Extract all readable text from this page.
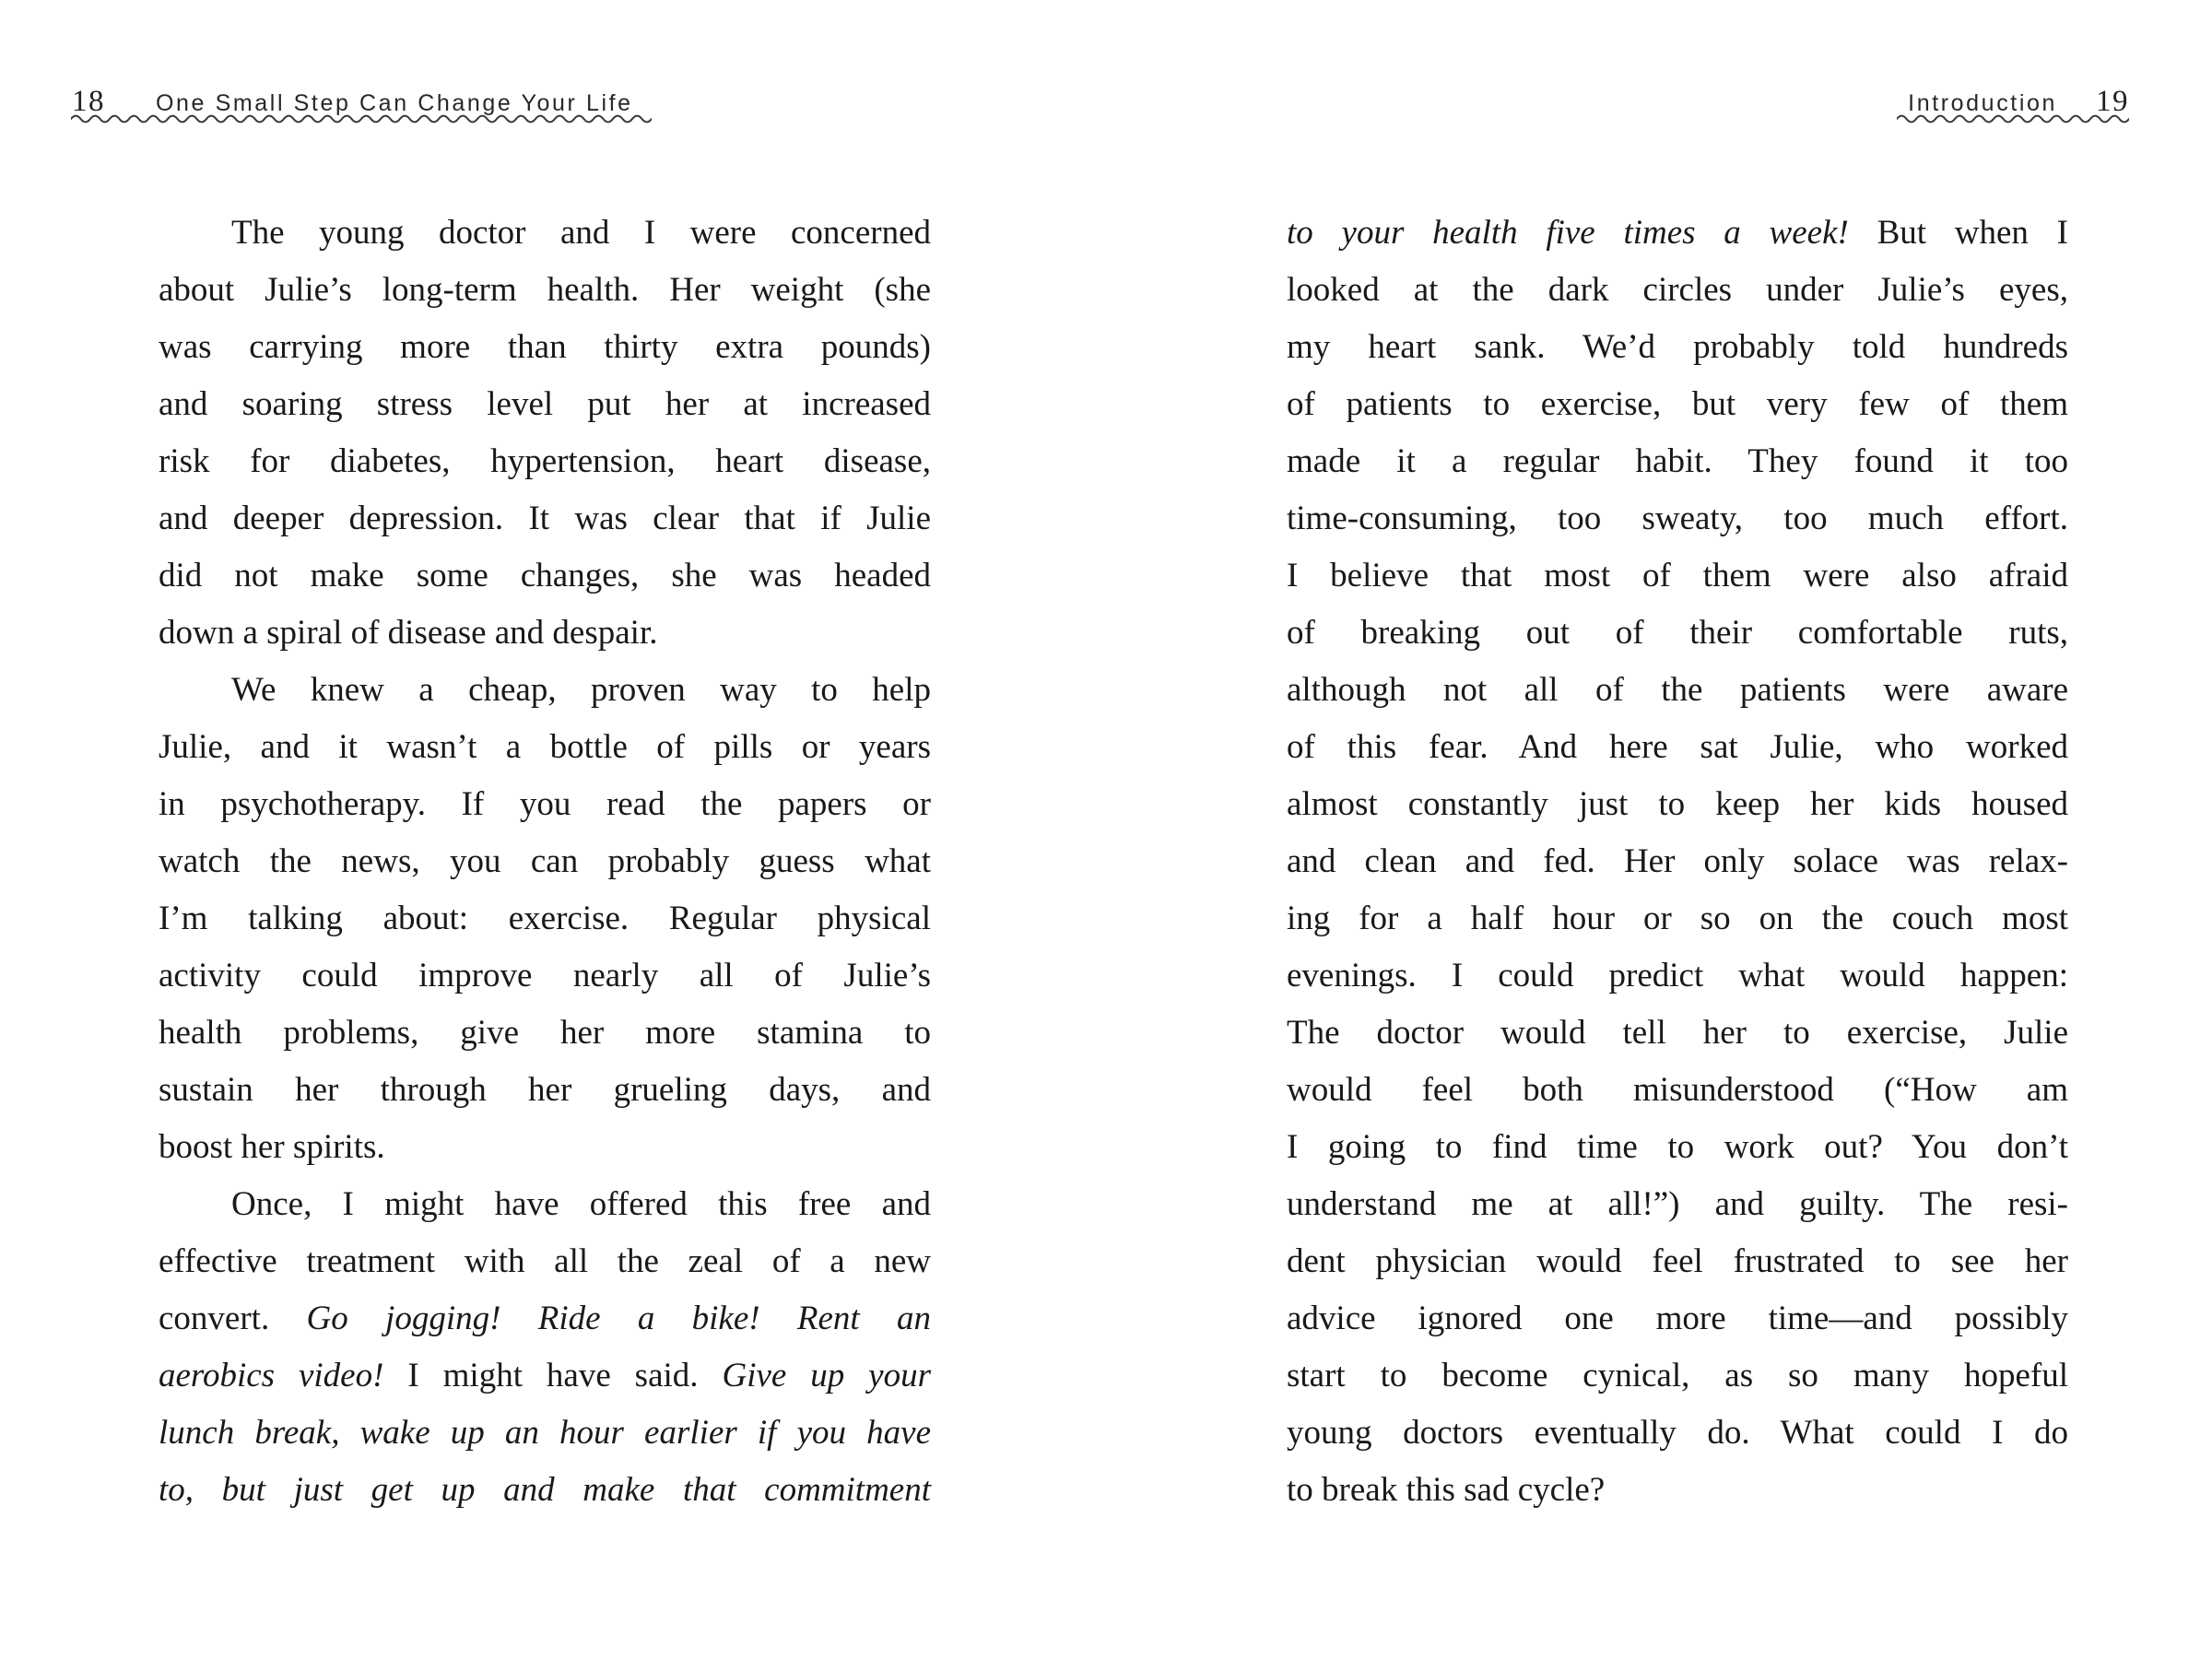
18 One Small Step Can Change Your Life	Introduction 19
The young doctor and I were concerned
about Julie’s long-term health. Her weight (she
was carrying more than thirty extra pounds)
and soaring stress level put her at increased
risk for diabetes, hypertension, heart disease,
and deeper depression. It was clear that if Julie
did not make some changes, she was headed
down a spiral of disease and despair.
We knew a cheap, proven way to help
Julie, and it wasn’t a bottle of pills or years
in psychotherapy. If you read the papers or
watch the news, you can probably guess what
I’m talking about: exercise. Regular physical
activity could improve nearly all of Julie’s
health problems, give her more stamina to
sustain her through her grueling days, and
boost her spirits.
Once, I might have offered this free and
effective treatment with all the zeal of a new
convert. Go jogging! Ride a bike! Rent an
aerobics video! I might have said. Give up your
lunch break, wake up an hour earlier if you have
to, but just get up and make that commitment
to your health five times a week! But when I
looked at the dark circles under Julie’s eyes,
my heart sank. We’d probably told hundreds
of patients to exercise, but very few of them
made it a regular habit. They found it too
time-consuming, too sweaty, too much effort.
I believe that most of them were also afraid
of breaking out of their comfortable ruts,
although not all of the patients were aware
of this fear. And here sat Julie, who worked
almost constantly just to keep her kids housed
and clean and fed. Her only solace was relax-
ing for a half hour or so on the couch most
evenings. I could predict what would happen:
The doctor would tell her to exercise, Julie
would feel both misunderstood (“How am
I going to find time to work out? You don’t
understand me at all!”) and guilty. The resi-
dent physician would feel frustrated to see her
advice ignored one more time—and possibly
start to become cynical, as so many hopeful
young doctors eventually do. What could I do
to break this sad cycle?
